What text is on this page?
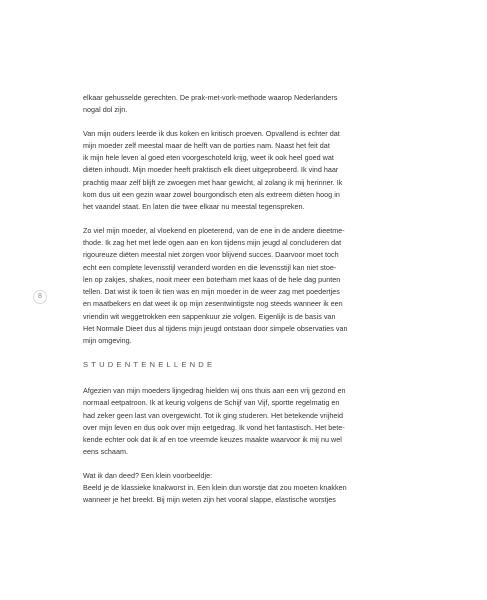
8

elkaar gehusselde gerechten. De prak-met-vork-methode waarop Nederlanders
nogal dol zijn.

Van mijn ouders leerde ik dus koken en kritisch proeven. Opvallend is echter dat
mijn moeder zelf meestal maar de helft van de porties nam. Naast het feit dat
ik mijn hele leven al goed eten voorgeschoteld krijg, weet ik ook heel goed wat
diëten inhoudt. Mijn moeder heeft praktisch elk dieet uitgeprobeerd. Ik vind haar
prachtig maar zelf blijft ze zwoegen met haar gewicht, al zolang ik mij herinner. Ik
kom dus uit een gezin waar zowel bourgondisch eten als extreem diëten hoog in
het vaandel staat. En laten die twee elkaar nu meestal tegenspreken.

Zo viel mijn moeder, al vloekend en ploeterend, van de ene in de andere dieetme-
thode. Ik zag het met lede ogen aan en kon tijdens mijn jeugd al concluderen dat
rigoureuze diëten meestal niet zorgen voor blijvend succes. Daarvoor moet toch
echt een complete levensstijl veranderd worden en die levensstijl kan niet stoe-
len op zakjes, shakes, nooit meer een boterham met kaas of de hele dag punten
tellen. Dat wist ik toen ik tien was en mijn moeder in de weer zag met poedertjes
en maatbekers en dat weet ik op mijn zesentwintigste nog steeds wanneer ik een
vriendin wit weggetrokken een sappenkuur zie volgen. Eigenlijk is de basis van
Het Normale Dieet dus al tijdens mijn jeugd ontstaan door simpele observaties van
mijn omgeving.

STUDENTENELLENDE

Afgezien van mijn moeders lijngedrag hielden wij ons thuis aan een vrij gezond en
normaal eetpatroon. Ik at keurig volgens de Schijf van Vijf, sportte regelmatig en
had zeker geen last van overgewicht. Tot ik ging studeren. Het betekende vrijheid
over mijn leven en dus ook over mijn eetgedrag. Ik vond het fantastisch. Het bete-
kende echter ook dat ik af en toe vreemde keuzes maakte waarvoor ik mij nu wel
eens schaam.

Wat ik dan deed? Een klein voorbeeldje:
Beeld je de klassieke knakworst in. Een klein dun worstje dat zou moeten knakken
wanneer je het breekt. Bij mijn weten zijn het vooral slappe, elastische worstjes
